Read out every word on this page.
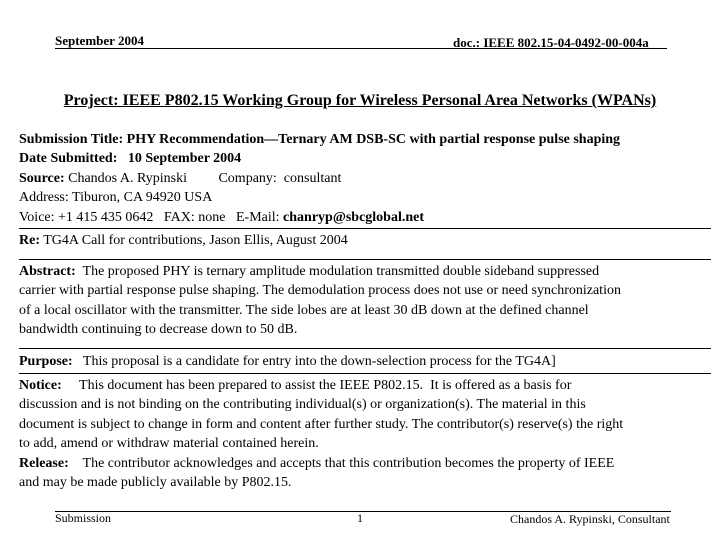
September 2004	doc.: IEEE 802.15-04-0492-00-004a
Project: IEEE P802.15 Working Group for Wireless Personal Area Networks (WPANs)
Submission Title: PHY Recommendation—Ternary AM DSB-SC with partial response pulse shaping
Date Submitted:   10 September 2004
Source: Chandos A. Rypinski         Company:  consultant
Address: Tiburon, CA 94920 USA
Voice: +1 415 435 0642   FAX: none   E-Mail: chanryp@sbcglobal.net
Re: TG4A Call for contributions, Jason Ellis, August 2004
Abstract:  The proposed PHY is ternary amplitude modulation transmitted double sideband suppressed
carrier with partial response pulse shaping. The demodulation process does not use or need synchronization
of a local oscillator with the transmitter. The side lobes are at least 30 dB down at the defined channel
bandwidth continuing to decrease down to 50 dB.
Purpose:   This proposal is a candidate for entry into the down-selection process for the TG4A]
Notice:     This document has been prepared to assist the IEEE P802.15.  It is offered as a basis for
discussion and is not binding on the contributing individual(s) or organization(s). The material in this
document is subject to change in form and content after further study. The contributor(s) reserve(s) the right
to add, amend or withdraw material contained herein.
Release:    The contributor acknowledges and accepts that this contribution becomes the property of IEEE
and may be made publicly available by P802.15.
Submission	1	Chandos A. Rypinski, Consultant
